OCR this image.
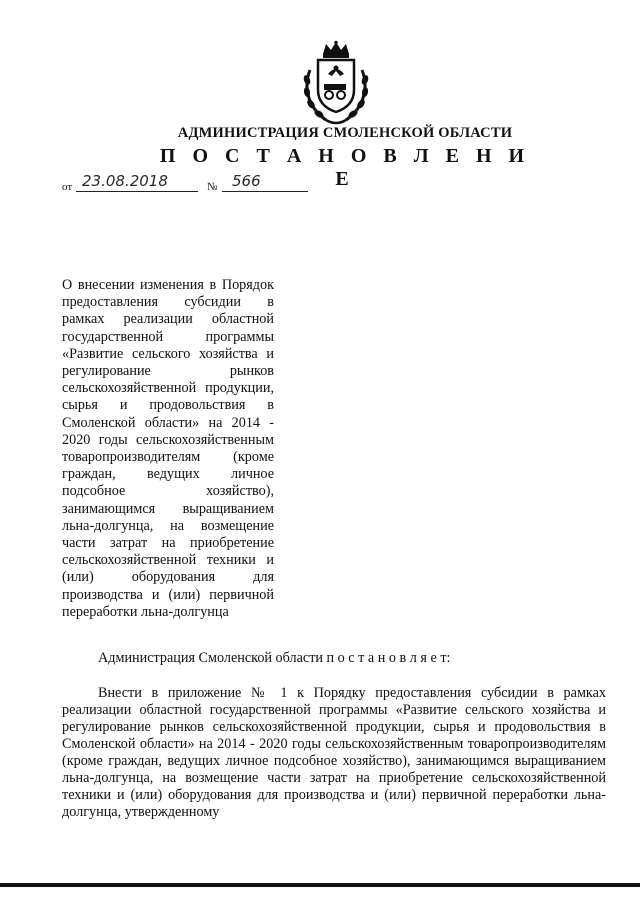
АДМИНИСТРАЦИЯ СМОЛЕНСКОЙ ОБЛАСТИ
П О С Т А Н О В Л Е Н И Е
от 23.08.2018	№ 566

О внесении изменения в Порядок предоставления субсидии в рамках реализации областной государственной программы «Развитие сельского хозяйства и регулирование рынков сельскохозяйственной продукции, сырья и продовольствия в Смоленской области» на 2014 - 2020 годы сельскохозяйственным товаропроизводителям (кроме граждан, ведущих личное подсобное хозяйство), занимающимся выращиванием льна-долгунца, на возмещение части затрат на приобретение сельскохозяйственной техники и (или) оборудования для производства и (или) первичной переработки льна-долгунца

Администрация Смоленской области п о с т а н о в л я е т:

Внести в приложение № 1 к Порядку предоставления субсидии в рамках реализации областной государственной программы «Развитие сельского хозяйства и регулирование рынков сельскохозяйственной продукции, сырья и продовольствия в Смоленской области» на 2014 - 2020 годы сельскохозяйственным товаропроизводителям (кроме граждан, ведущих личное подсобное хозяйство), занимающимся выращиванием льна-долгунца, на возмещение части затрат на приобретение сельскохозяйственной техники и (или) оборудования для производства и (или) первичной переработки льна-долгунца, утвержденному
